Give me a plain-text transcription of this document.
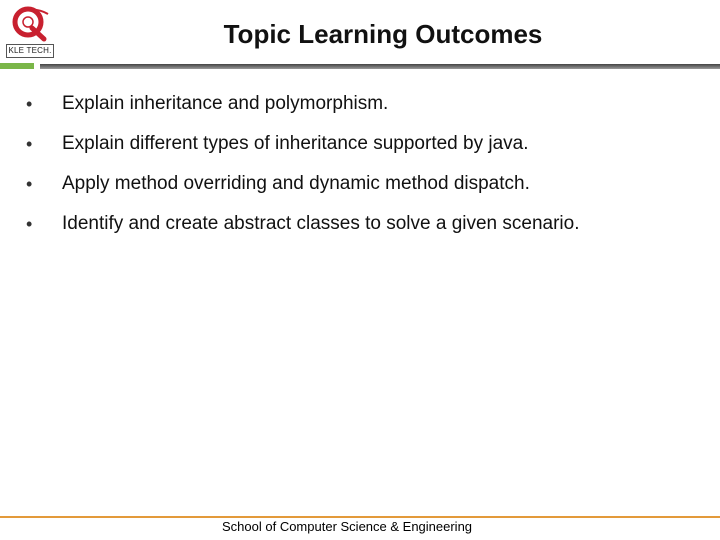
KLE TECH.
Topic Learning Outcomes
• Explain inheritance and polymorphism.
• Explain different types of inheritance supported by java.
• Apply method overriding and dynamic method dispatch.
• Identify and create abstract classes to solve a given scenario.
School of Computer Science & Engineering
